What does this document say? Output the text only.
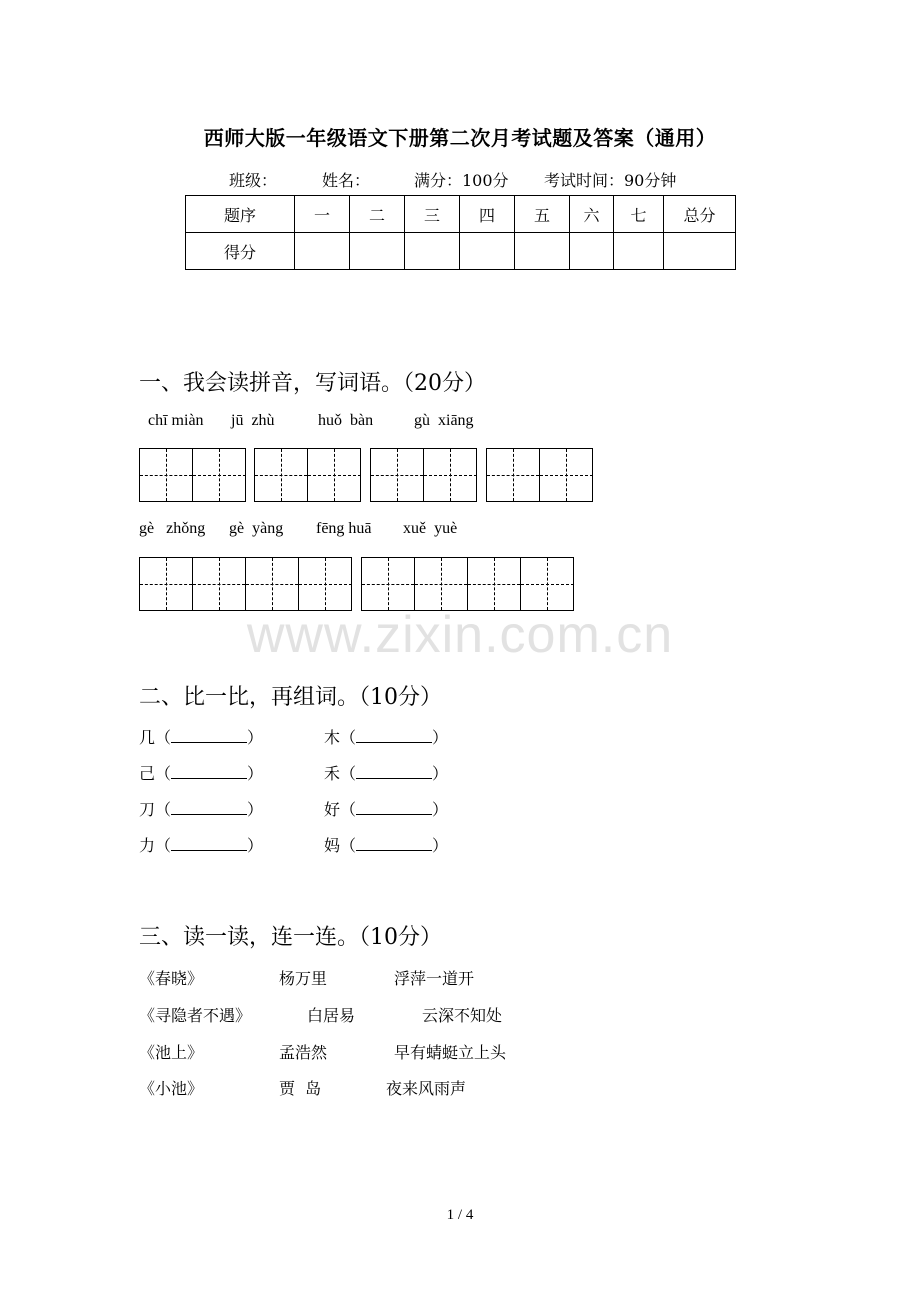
西师大版一年级语文下册第二次月考试题及答案（通用）
班级：	姓名：	满分：100分 考试时间：90分钟
题序	一	二	三	四	五	六	七	总分
得分								
一、我会读拼音，写词语。（20分）
chī miàn jū  zhù	huǒ  bàn	gù  xiāng
gè   zhǒng gè  yàng fēng huā xuě  yuè
www.zixin.com.cn
二、比一比，再组词。（10分）
几（	）	木（	）
己（	）	禾（	）
刀（	）	好（	）
力（	）	妈（	）
三、读一读，连一连。（10分）
《春晓》	杨万里	浮萍一道开
《寻隐者不遇》	白居易	云深不知处
《池上》	孟浩然	早有蜻蜓立上头
《小池》	贾  岛	夜来风雨声
1 / 4
